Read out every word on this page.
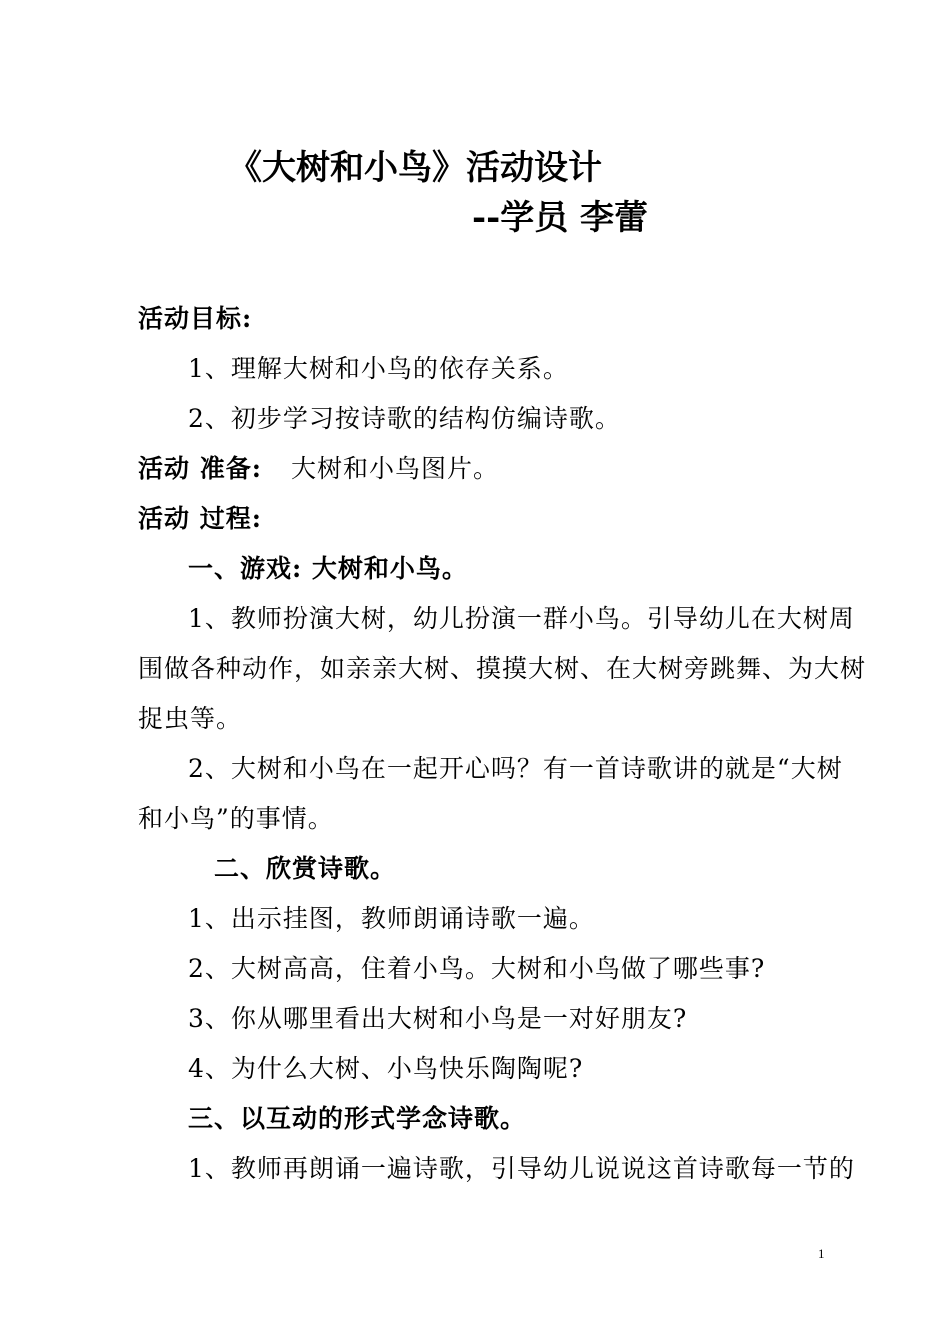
《大树和小鸟》活动设计
--学员 李蕾
活动目标:
1、理解大树和小鸟的依存关系。
2、初步学习按诗歌的结构仿编诗歌。
活动 准备: 大树和小鸟图片。
活动 过程:
一、游戏: 大树和小鸟。
1、教师扮演大树，幼儿扮演一群小鸟。引导幼儿在大树周
围做各种动作，如亲亲大树、摸摸大树、在大树旁跳舞、为大树
捉虫等。
2、大树和小鸟在一起开心吗？有一首诗歌讲的就是“大树
和小鸟”的事情。
二、欣赏诗歌。
1、出示挂图，教师朗诵诗歌一遍。
2、大树高高，住着小鸟。大树和小鸟做了哪些事?
3、你从哪里看出大树和小鸟是一对好朋友?
4、为什么大树、小鸟快乐陶陶呢?
三、以互动的形式学念诗歌。
1、教师再朗诵一遍诗歌，引导幼儿说说这首诗歌每一节的
1
